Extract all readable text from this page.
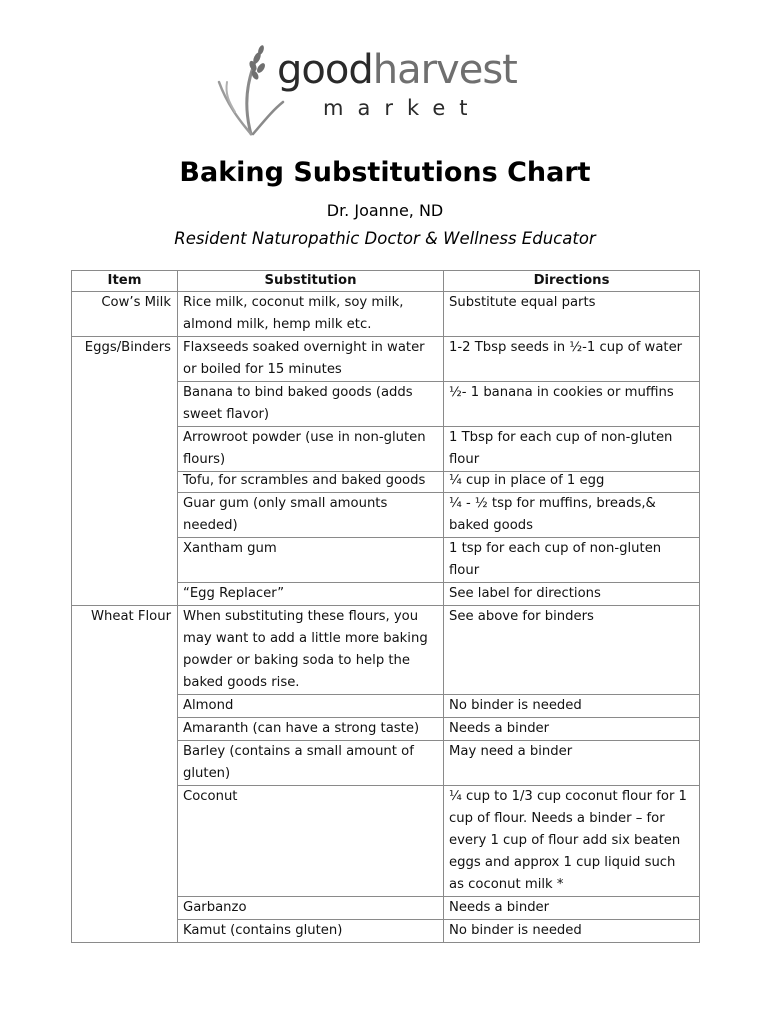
goodharvest
market
Baking Substitutions Chart
Dr. Joanne, ND
Resident Naturopathic Doctor & Wellness Educator
Item	Substitution	Directions
Cow’s Milk	Rice milk, coconut milk, soy milk, almond milk, hemp milk etc.	Substitute equal parts
Eggs/Binders	Flaxseeds soaked overnight in water or boiled for 15 minutes	1-2 Tbsp seeds in ½-1 cup of water
	Banana to bind baked goods (adds sweet flavor)	½- 1 banana in cookies or muffins
	Arrowroot powder (use in non-gluten flours)	1 Tbsp for each cup of non-gluten flour
	Tofu, for scrambles and baked goods	¼ cup in place of 1 egg
	Guar gum (only small amounts needed)	¼ - ½ tsp for muffins, breads,& baked goods
	Xantham gum	1 tsp for each cup of non-gluten flour
	“Egg Replacer”	See label for directions
Wheat Flour	When substituting these flours, you may want to add a little more baking powder or baking soda to help the baked goods rise.	See above for binders
	Almond	No binder is needed
	Amaranth (can have a strong taste)	Needs a binder
	Barley (contains a small amount of gluten)	May need a binder
	Coconut	¼ cup to 1/3 cup coconut flour for 1 cup of flour. Needs a binder – for every 1 cup of flour add six beaten eggs and approx 1 cup liquid such as coconut milk *
	Garbanzo	Needs a binder
	Kamut (contains gluten)	No binder is needed
